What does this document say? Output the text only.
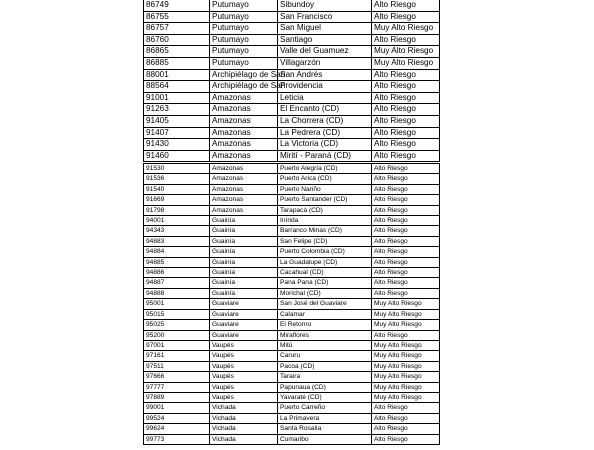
86749	Putumayo	Sibundoy	Alto Riesgo
86755	Putumayo	San Francisco	Alto Riesgo
86757	Putumayo	San Miguel	Muy Alto Riesgo
86760	Putumayo	Santiago	Alto Riesgo
86865	Putumayo	Valle del Guamuez	Muy Alto Riesgo
86885	Putumayo	Villagarzón	Muy Alto Riesgo
88001	Archipiélago de San	San Andrés	Alto Riesgo
88564	Archipiélago de San	Providencia	Alto Riesgo
91001	Amazonas	Leticia	Alto Riesgo
91263	Amazonas	El Encanto (CD)	Alto Riesgo
91405	Amazonas	La Chorrera (CD)	Alto Riesgo
91407	Amazonas	La Pedrera (CD)	Alto Riesgo
91430	Amazonas	La Victoria (CD)	Alto Riesgo
91460	Amazonas	Mirití - Paraná (CD)	Alto Riesgo
91530	Amazonas	Puerto Alegría (CD)	Alto Riesgo
91536	Amazonas	Puerto Arica (CD)	Alto Riesgo
91540	Amazonas	Puerto Nariño	Alto Riesgo
91669	Amazonas	Puerto Santander (CD)	Alto Riesgo
91798	Amazonas	Tarapacá (CD)	Alto Riesgo
94001	Guainía	Inírida	Alto Riesgo
94343	Guainía	Barranco Minas (CD)	Alto Riesgo
94883	Guainía	San Felipe (CD)	Alto Riesgo
94884	Guainía	Puerto Colombia (CD)	Alto Riesgo
94885	Guainía	La Guadalupe (CD)	Alto Riesgo
94886	Guainía	Cacahual (CD)	Alto Riesgo
94887	Guainía	Pana Pana (CD)	Alto Riesgo
94888	Guainía	Morichal (CD)	Alto Riesgo
95001	Guaviare	San José del Guaviare	Muy Alto Riesgo
95015	Guaviare	Calamar	Muy Alto Riesgo
95025	Guaviare	El Retorno	Muy Alto Riesgo
95200	Guaviare	Miraflores	Alto Riesgo
97001	Vaupés	Mitú	Muy Alto Riesgo
97161	Vaupés	Caruru	Muy Alto Riesgo
97511	Vaupés	Pacoa (CD)	Muy Alto Riesgo
97666	Vaupés	Taraira	Muy Alto Riesgo
97777	Vaupés	Papunaua (CD)	Muy Alto Riesgo
97889	Vaupés	Yavaraté (CD)	Muy Alto Riesgo
99001	Vichada	Puerto Carreño	Alto Riesgo
99524	Vichada	La Primavera	Alto Riesgo
99624	Vichada	Santa Rosalía	Alto Riesgo
99773	Vichada	Cumaribo	Alto Riesgo
